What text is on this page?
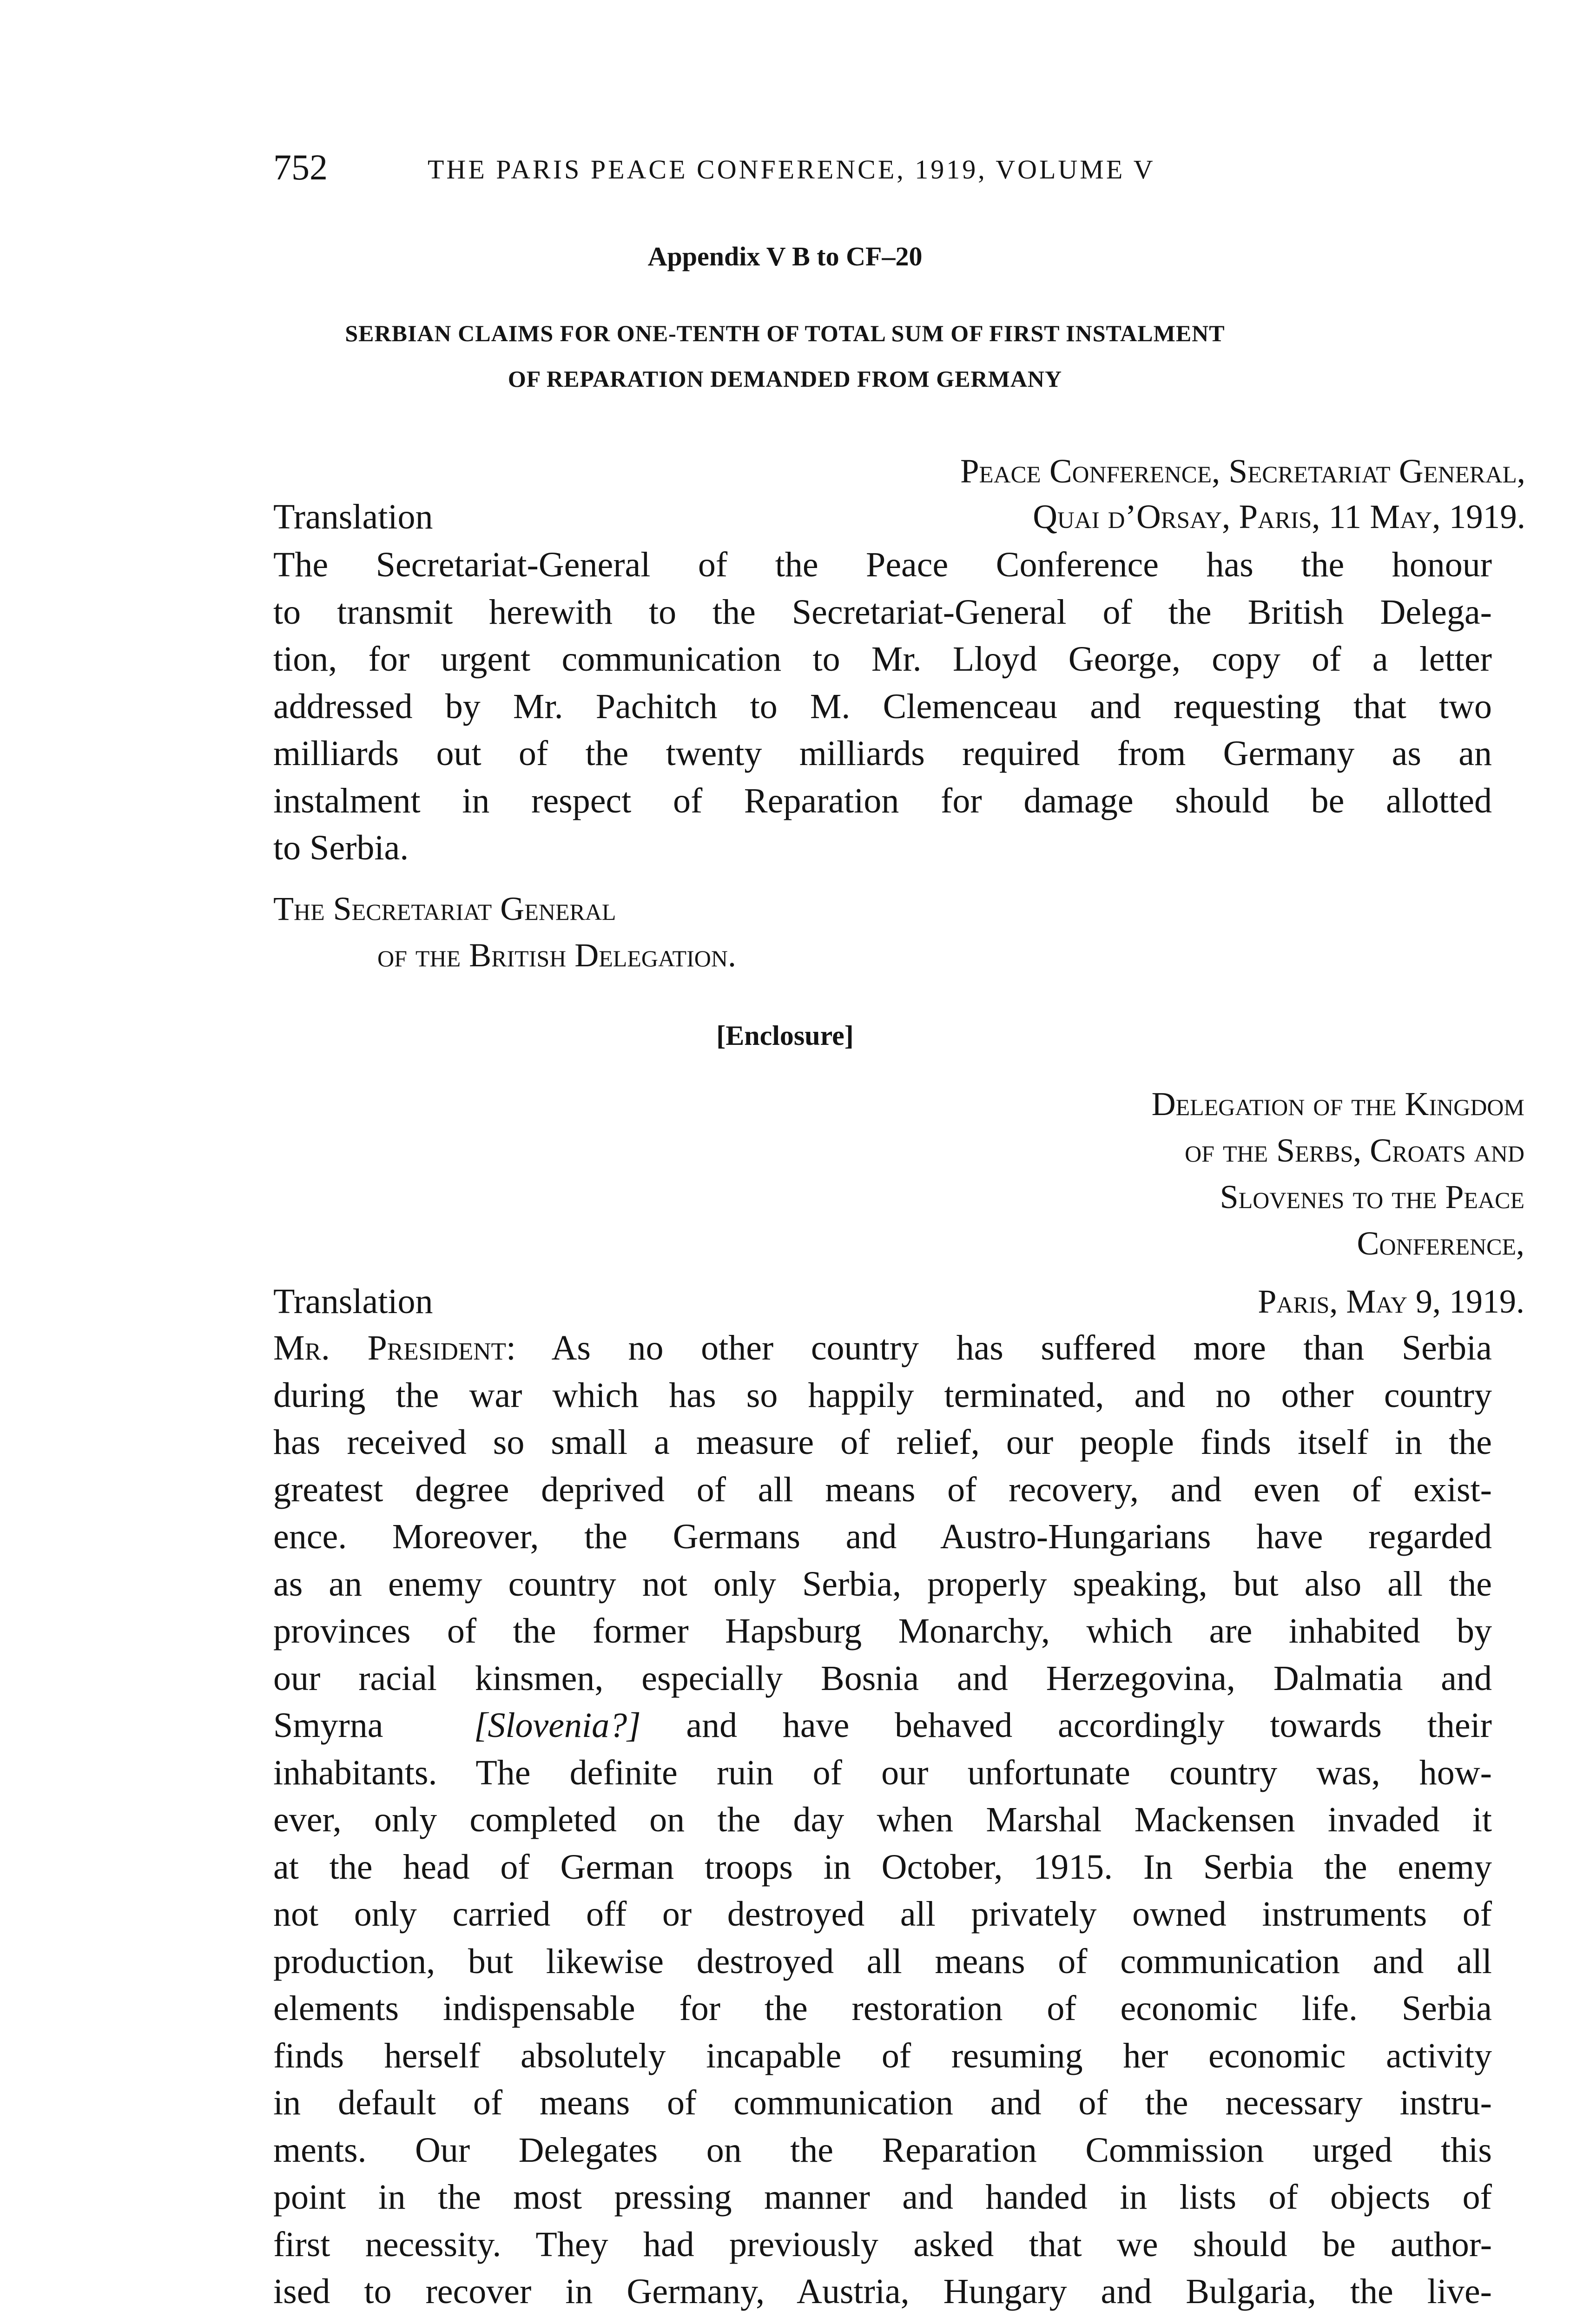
752	THE PARIS PEACE CONFERENCE, 1919, VOLUME V
Appendix V B to CF–20
SERBIAN CLAIMS FOR ONE-TENTH OF TOTAL SUM OF FIRST INSTALMENT
OF REPARATION DEMANDED FROM GERMANY
Peace Conference, Secretariat General,
Translation	Quai d’Orsay, Paris, 11 May, 1919.
The Secretariat-General of the Peace Conference has the honour
to transmit herewith to the Secretariat-General of the British Delega-
tion, for urgent communication to Mr. Lloyd George, copy of a letter
addressed by Mr. Pachitch to M. Clemenceau and requesting that two
milliards out of the twenty milliards required from Germany as an
instalment in respect of Reparation for damage should be allotted
to Serbia.
The Secretariat General
of the British Delegation.
[Enclosure]
Delegation of the Kingdom
of the Serbs, Croats and
Slovenes to the Peace
Conference,
Translation	Paris, May 9, 1919.
Mr. President: As no other country has suffered more than Serbia
during the war which has so happily terminated, and no other country
has received so small a measure of relief, our people finds itself in the
greatest degree deprived of all means of recovery, and even of exist-
ence. Moreover, the Germans and Austro-Hungarians have regarded
as an enemy country not only Serbia, properly speaking, but also all the
provinces of the former Hapsburg Monarchy, which are inhabited by
our racial kinsmen, especially Bosnia and Herzegovina, Dalmatia and
Smyrna	[Slovenia?] and have behaved accordingly towards their
inhabitants. The definite ruin of our unfortunate country was, how-
ever, only completed on the day when Marshal Mackensen invaded it
at the head of German troops in October, 1915. In Serbia the enemy
not only carried off or destroyed all privately owned instruments of
production, but likewise destroyed all means of communication and all
elements indispensable for the restoration of economic life. Serbia
finds herself absolutely incapable of resuming her economic activity
in default of means of communication and of the necessary instru-
ments. Our Delegates on the Reparation Commission urged this
point in the most pressing manner and handed in lists of objects of
first necessity. They had previously asked that we should be author-
ised to recover in Germany, Austria, Hungary and Bulgaria, the live-
